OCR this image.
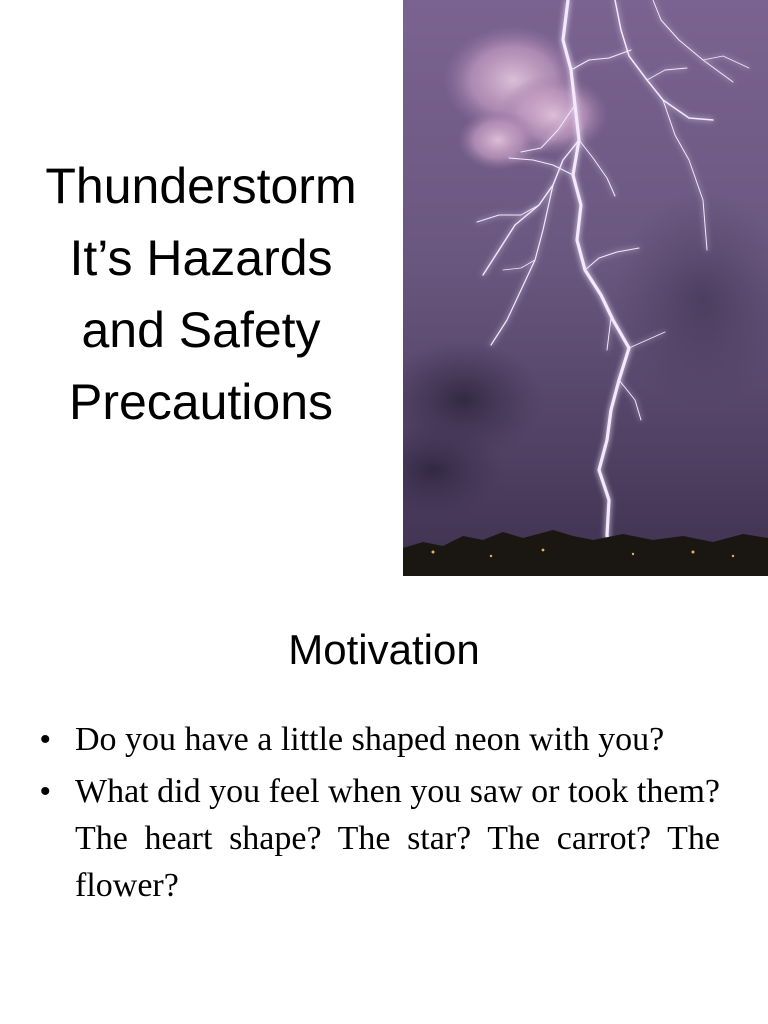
Thunderstorm
It’s Hazards
and Safety
Precautions
Motivation
• Do you have a little shaped neon with you?
• What did you feel when you saw or took them? The heart shape? The star? The carrot? The flower?
